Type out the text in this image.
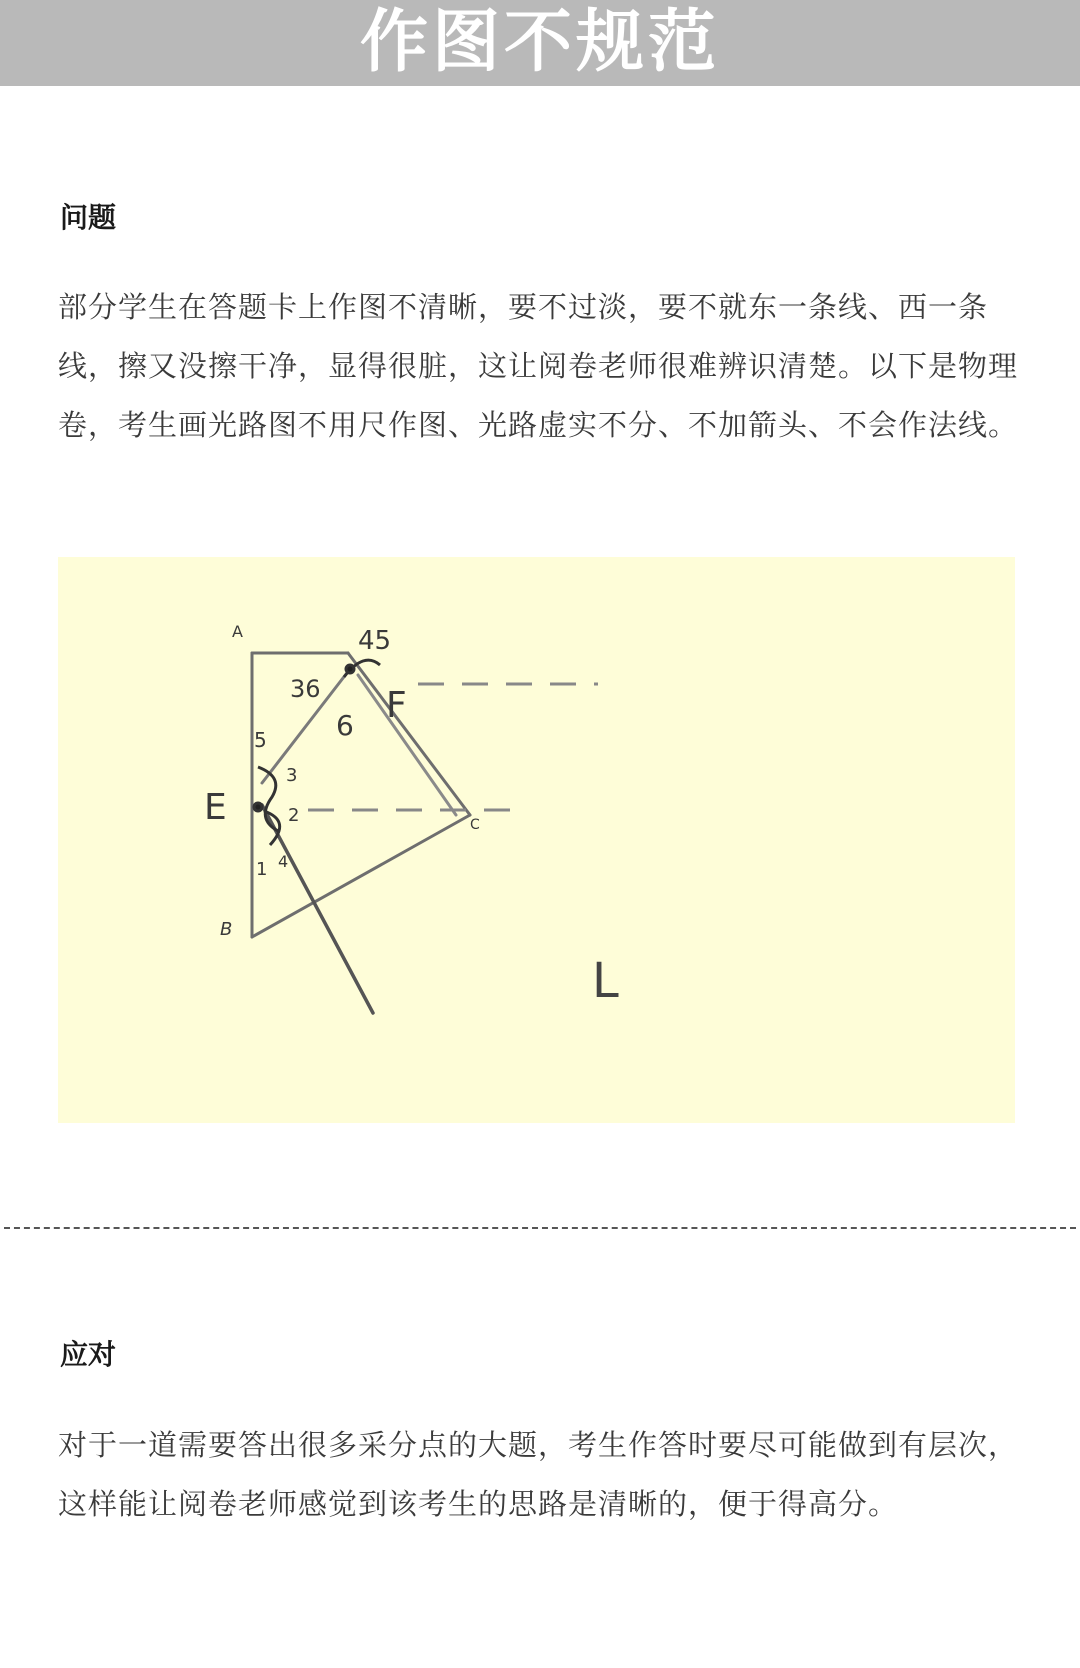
作图不规范
问题
部分学生在答题卡上作图不清晰，要不过淡，要不就东一条线、西一条线，擦又没擦干净，显得很脏，这让阅卷老师很难辨识清楚。以下是物理卷，考生画光路图不用尺作图、光路虚实不分、不加箭头、不会作法线。
A
B
C
E
F
L
45
36
6
5
3
2
1 4
应对
对于一道需要答出很多采分点的大题，考生作答时要尽可能做到有层次，这样能让阅卷老师感觉到该考生的思路是清晰的，便于得高分。
